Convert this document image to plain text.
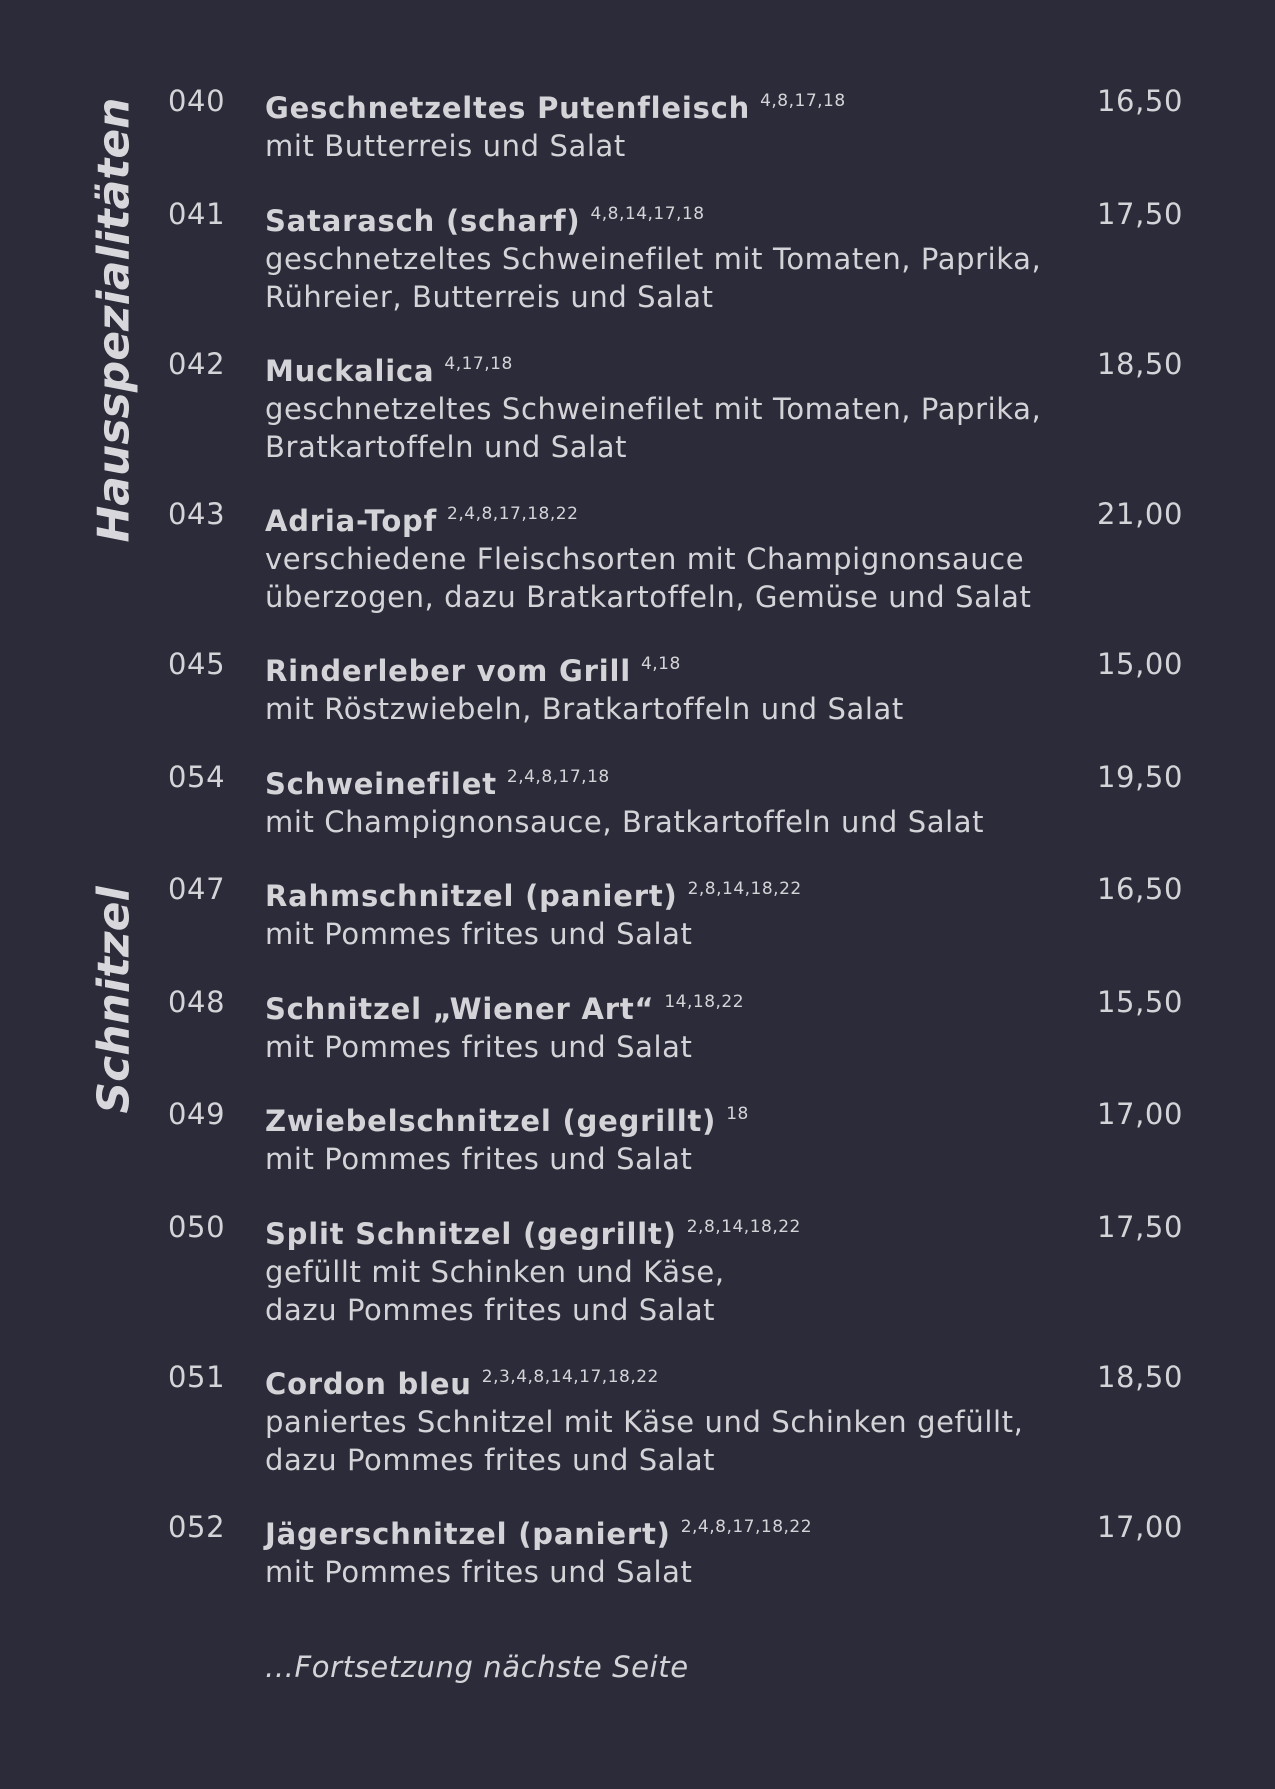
Hausspezialitäten
Schnitzel
040 Geschnetzeltes Putenfleisch $^{4,8,17,18}$
mit Butterreis und Salat
16,50
041 Satarasch (scharf) $^{4,8,14,17,18}$
geschnetzeltes Schweinefilet mit Tomaten, Paprika,
Rühreier, Butterreis und Salat
17,50
042 Muckalica $^{4,17,18}$
geschnetzeltes Schweinefilet mit Tomaten, Paprika,
Bratkartoffeln und Salat
18,50
043 Adria-Topf $^{2,4,8,17,18,22}$
verschiedene Fleischsorten mit Champignonsauce
überzogen, dazu Bratkartoffeln, Gemüse und Salat
21,00
045 Rinderleber vom Grill $^{4,18}$
mit Röstzwiebeln, Bratkartoffeln und Salat
15,00
054 Schweinefilet $^{2,4,8,17,18}$
mit Champignonsauce, Bratkartoffeln und Salat
19,50
047 Rahmschnitzel (paniert) $^{2,8,14,18,22}$
mit Pommes frites und Salat
16,50
048 Schnitzel „Wiener Art“ $^{14,18,22}$
mit Pommes frites und Salat
15,50
049 Zwiebelschnitzel (gegrillt) $^{18}$
mit Pommes frites und Salat
17,00
050 Split Schnitzel (gegrillt) $^{2,8,14,18,22}$
gefüllt mit Schinken und Käse,
dazu Pommes frites und Salat
17,50
051 Cordon bleu $^{2,3,4,8,14,17,18,22}$
paniertes Schnitzel mit Käse und Schinken gefüllt,
dazu Pommes frites und Salat
18,50
052 Jägerschnitzel (paniert) $^{2,4,8,17,18,22}$
mit Pommes frites und Salat
17,00
...Fortsetzung nächste Seite
